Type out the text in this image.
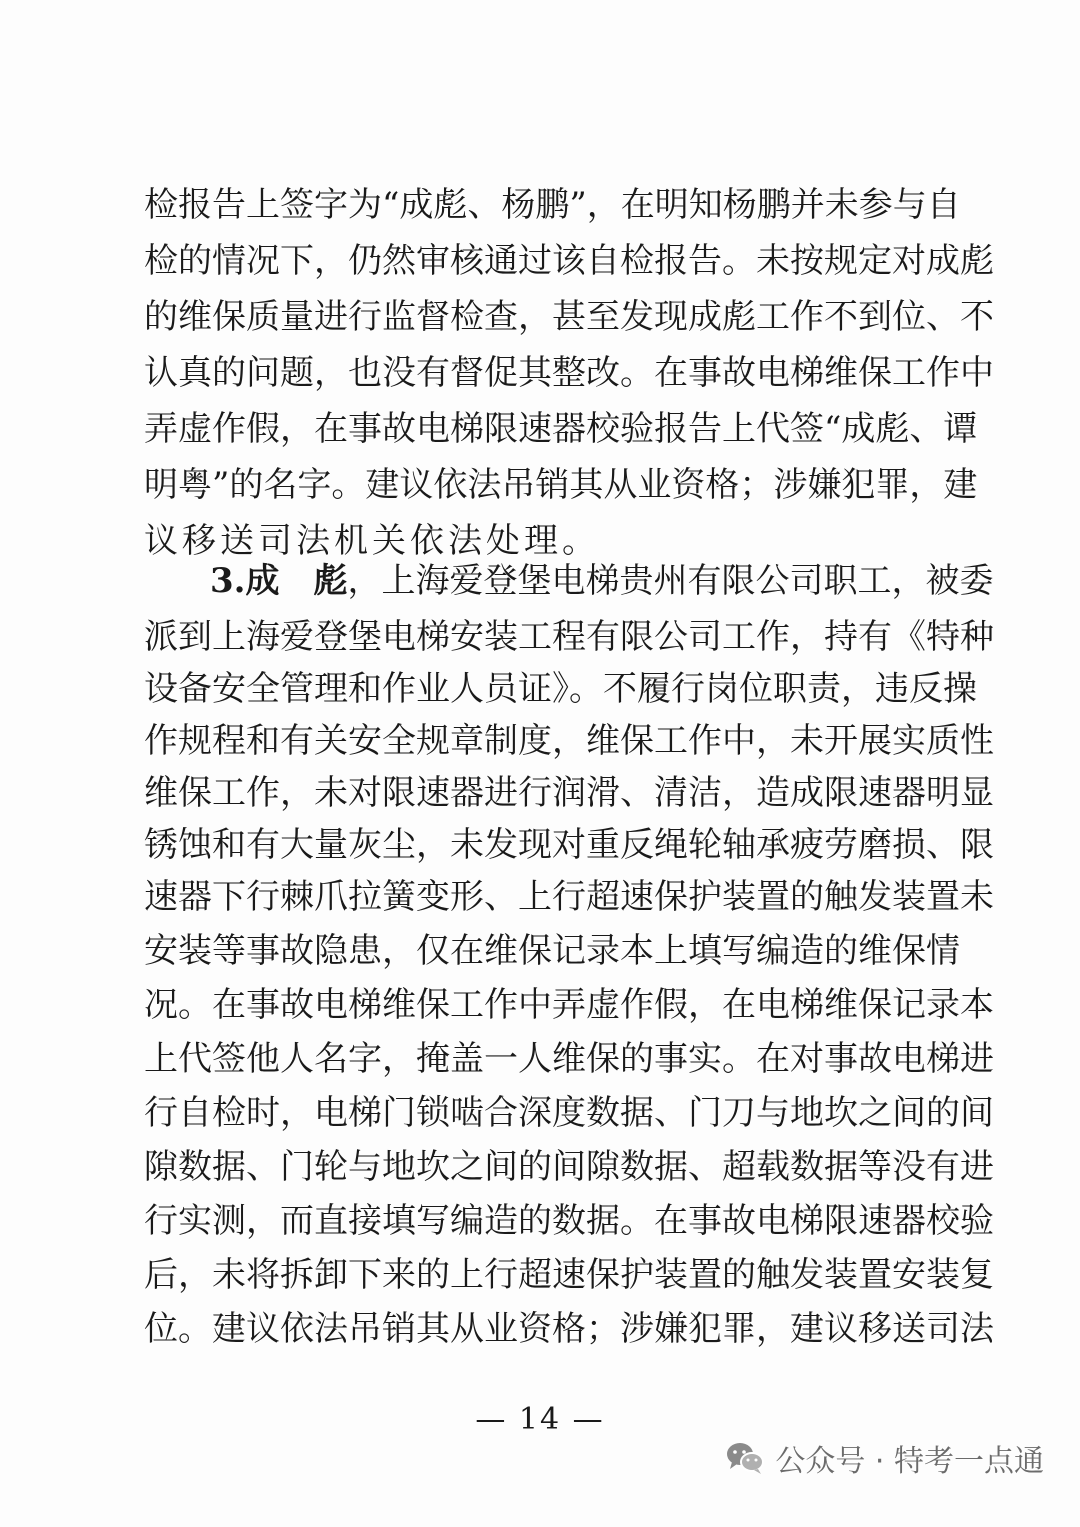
检报告上签字为“成彪、杨鹏”，在明知杨鹏并未参与自
检的情况下，仍然审核通过该自检报告。未按规定对成彪
的维保质量进行监督检查，甚至发现成彪工作不到位、不
认真的问题，也没有督促其整改。在事故电梯维保工作中
弄虚作假，在事故电梯限速器校验报告上代签“成彪、谭
明粤”的名字。建议依法吊销其从业资格；涉嫌犯罪，建
议移送司法机关依法处理。
3.成　彪，上海爱登堡电梯贵州有限公司职工，被委
派到上海爱登堡电梯安装工程有限公司工作，持有《特种
设备安全管理和作业人员证》。不履行岗位职责，违反操
作规程和有关安全规章制度，维保工作中，未开展实质性
维保工作，未对限速器进行润滑、清洁，造成限速器明显
锈蚀和有大量灰尘，未发现对重反绳轮轴承疲劳磨损、限
速器下行棘爪拉簧变形、上行超速保护装置的触发装置未
安装等事故隐患，仅在维保记录本上填写编造的维保情
况。在事故电梯维保工作中弄虚作假，在电梯维保记录本
上代签他人名字，掩盖一人维保的事实。在对事故电梯进
行自检时，电梯门锁啮合深度数据、门刀与地坎之间的间
隙数据、门轮与地坎之间的间隙数据、超载数据等没有进
行实测，而直接填写编造的数据。在事故电梯限速器校验
后，未将拆卸下来的上行超速保护装置的触发装置安装复
位。建议依法吊销其从业资格；涉嫌犯罪，建议移送司法
— 14 —
公众号 · 特考一点通
